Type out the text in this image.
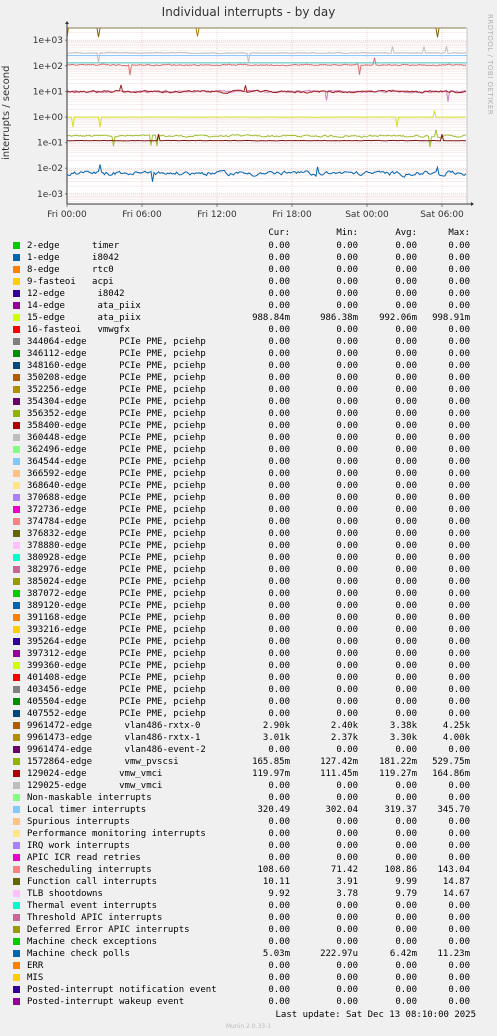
Individual interrupts - by day
RRDTOOL / TOBI OETIKER
interrupts / second
1e+03
1e+02
1e+01
1e+00
1e-01
1e-02
1e-03
Fri 00:00	Fri 06:00	Fri 12:00	Fri 18:00	Sat 00:00	Sat 06:00
Cur:	Min:	Avg:	Max:
2-edge      timer	0.00	0.00	0.00	0.00
1-edge      i8042	0.00	0.00	0.00	0.00
8-edge      rtc0	0.00	0.00	0.00	0.00
9-fasteoi   acpi	0.00	0.00	0.00	0.00
12-edge      i8042	0.00	0.00	0.00	0.00
14-edge      ata_piix	0.00	0.00	0.00	0.00
15-edge      ata_piix	988.84m	986.38m	992.06m	998.91m
16-fasteoi   vmwgfx	0.00	0.00	0.00	0.00
344064-edge      PCIe PME, pciehp	0.00	0.00	0.00	0.00
346112-edge      PCIe PME, pciehp	0.00	0.00	0.00	0.00
348160-edge      PCIe PME, pciehp	0.00	0.00	0.00	0.00
350208-edge      PCIe PME, pciehp	0.00	0.00	0.00	0.00
352256-edge      PCIe PME, pciehp	0.00	0.00	0.00	0.00
354304-edge      PCIe PME, pciehp	0.00	0.00	0.00	0.00
356352-edge      PCIe PME, pciehp	0.00	0.00	0.00	0.00
358400-edge      PCIe PME, pciehp	0.00	0.00	0.00	0.00
360448-edge      PCIe PME, pciehp	0.00	0.00	0.00	0.00
362496-edge      PCIe PME, pciehp	0.00	0.00	0.00	0.00
364544-edge      PCIe PME, pciehp	0.00	0.00	0.00	0.00
366592-edge      PCIe PME, pciehp	0.00	0.00	0.00	0.00
368640-edge      PCIe PME, pciehp	0.00	0.00	0.00	0.00
370688-edge      PCIe PME, pciehp	0.00	0.00	0.00	0.00
372736-edge      PCIe PME, pciehp	0.00	0.00	0.00	0.00
374784-edge      PCIe PME, pciehp	0.00	0.00	0.00	0.00
376832-edge      PCIe PME, pciehp	0.00	0.00	0.00	0.00
378880-edge      PCIe PME, pciehp	0.00	0.00	0.00	0.00
380928-edge      PCIe PME, pciehp	0.00	0.00	0.00	0.00
382976-edge      PCIe PME, pciehp	0.00	0.00	0.00	0.00
385024-edge      PCIe PME, pciehp	0.00	0.00	0.00	0.00
387072-edge      PCIe PME, pciehp	0.00	0.00	0.00	0.00
389120-edge      PCIe PME, pciehp	0.00	0.00	0.00	0.00
391168-edge      PCIe PME, pciehp	0.00	0.00	0.00	0.00
393216-edge      PCIe PME, pciehp	0.00	0.00	0.00	0.00
395264-edge      PCIe PME, pciehp	0.00	0.00	0.00	0.00
397312-edge      PCIe PME, pciehp	0.00	0.00	0.00	0.00
399360-edge      PCIe PME, pciehp	0.00	0.00	0.00	0.00
401408-edge      PCIe PME, pciehp	0.00	0.00	0.00	0.00
403456-edge      PCIe PME, pciehp	0.00	0.00	0.00	0.00
405504-edge      PCIe PME, pciehp	0.00	0.00	0.00	0.00
407552-edge      PCIe PME, pciehp	0.00	0.00	0.00	0.00
9961472-edge      vlan486-rxtx-0	2.90k	2.40k	3.38k	4.25k
9961473-edge      vlan486-rxtx-1	3.01k	2.37k	3.30k	4.00k
9961474-edge      vlan486-event-2	0.00	0.00	0.00	0.00
1572864-edge      vmw_pvscsi	165.85m	127.42m	181.22m	529.75m
129024-edge      vmw_vmci	119.97m	111.45m	119.27m	164.86m
129025-edge      vmw_vmci	0.00	0.00	0.00	0.00
Non-maskable interrupts	0.00	0.00	0.00	0.00
Local timer interrupts	320.49	302.04	319.37	345.70
Spurious interrupts	0.00	0.00	0.00	0.00
Performance monitoring interrupts	0.00	0.00	0.00	0.00
IRQ work interrupts	0.00	0.00	0.00	0.00
APIC ICR read retries	0.00	0.00	0.00	0.00
Rescheduling interrupts	108.60	71.42	108.86	143.04
Function call interrupts	10.11	3.91	9.99	14.87
TLB shootdowns	9.92	3.78	9.79	14.67
Thermal event interrupts	0.00	0.00	0.00	0.00
Threshold APIC interrupts	0.00	0.00	0.00	0.00
Deferred Error APIC interrupts	0.00	0.00	0.00	0.00
Machine check exceptions	0.00	0.00	0.00	0.00
Machine check polls	5.03m	222.97u	6.42m	11.23m
ERR	0.00	0.00	0.00	0.00
MIS	0.00	0.00	0.00	0.00
Posted-interrupt notification event	0.00	0.00	0.00	0.00
Posted-interrupt wakeup event	0.00	0.00	0.00	0.00
Last update: Sat Dec 13 08:10:00 2025
Munin 2.0.33-1
